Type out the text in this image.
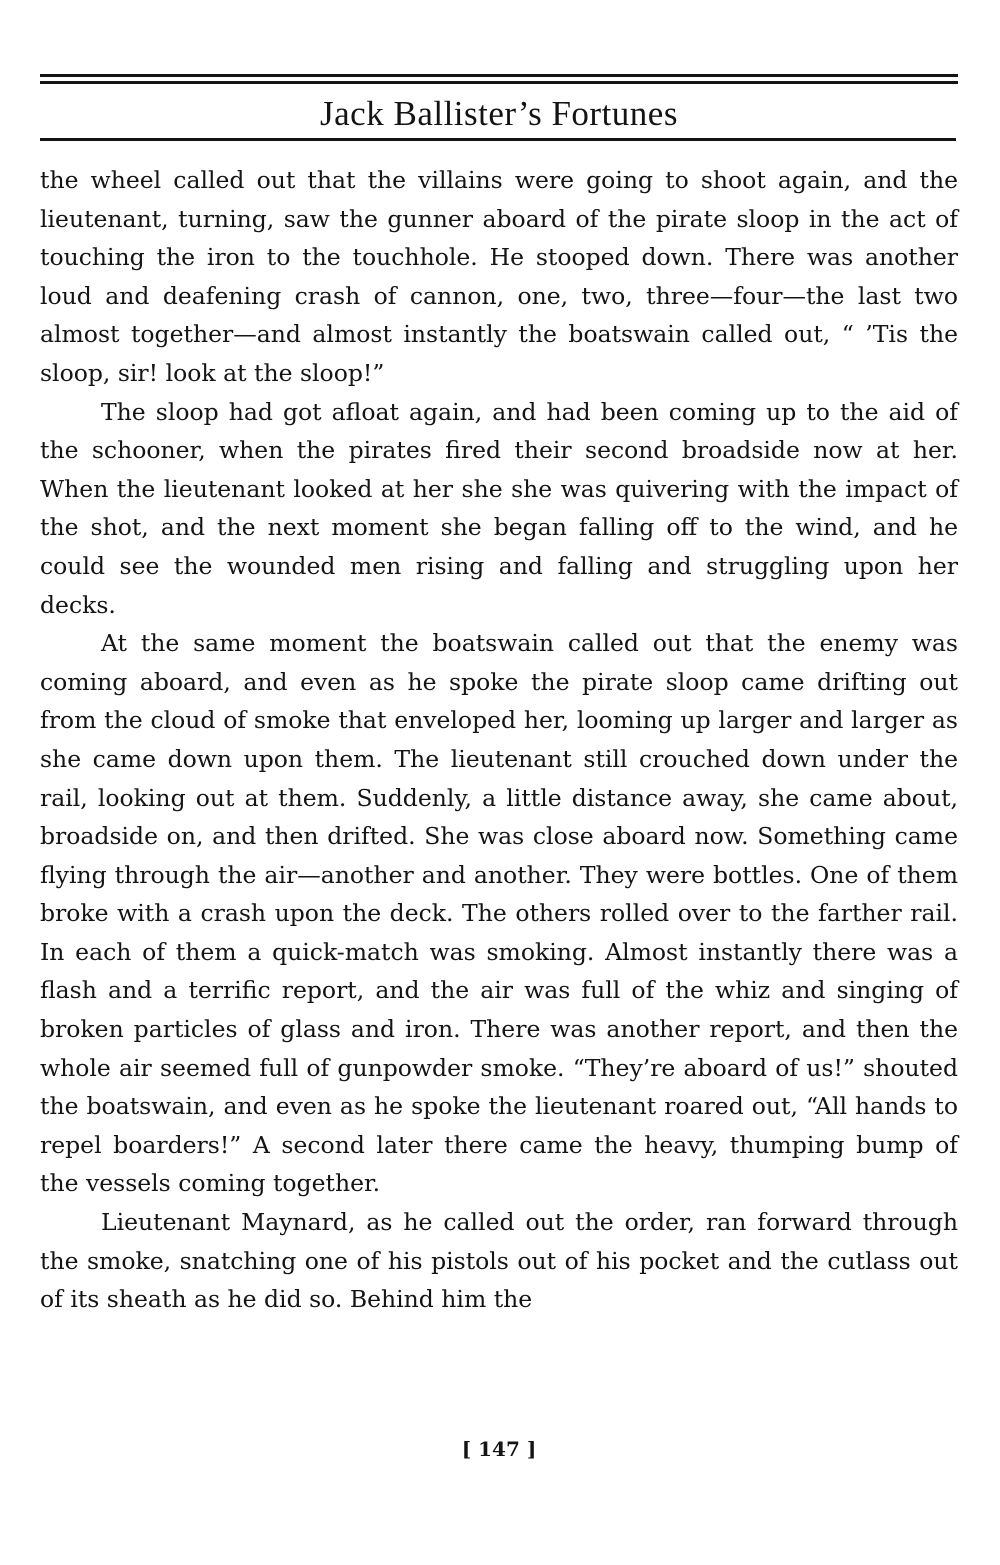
Jack Ballister’s Fortunes

the wheel called out that the villains were going to shoot again, and the lieutenant, turning, saw the gunner aboard of the pirate sloop in the act of touching the iron to the touchhole. He stooped down. There was another loud and deafening crash of cannon, one, two, three—four—the last two almost together—and almost instantly the boatswain called out, “ ’Tis the sloop, sir! look at the sloop!”

The sloop had got afloat again, and had been coming up to the aid of the schooner, when the pirates fired their second broadside now at her. When the lieutenant looked at her she she was quivering with the impact of the shot, and the next moment she began falling off to the wind, and he could see the wounded men rising and falling and struggling upon her decks.

At the same moment the boatswain called out that the enemy was coming aboard, and even as he spoke the pirate sloop came drifting out from the cloud of smoke that enveloped her, looming up larger and larger as she came down upon them. The lieutenant still crouched down under the rail, looking out at them. Suddenly, a little distance away, she came about, broadside on, and then drifted. She was close aboard now. Something came flying through the air—another and another. They were bottles. One of them broke with a crash upon the deck. The others rolled over to the farther rail. In each of them a quick-match was smoking. Almost instantly there was a flash and a terrific report, and the air was full of the whiz and singing of broken particles of glass and iron. There was another report, and then the whole air seemed full of gunpowder smoke. “They’re aboard of us!” shouted the boatswain, and even as he spoke the lieutenant roared out, “All hands to repel boarders!” A second later there came the heavy, thumping bump of the vessels coming together.

Lieutenant Maynard, as he called out the order, ran forward through the smoke, snatching one of his pistols out of his pocket and the cutlass out of its sheath as he did so. Behind him the

[ 147 ]
